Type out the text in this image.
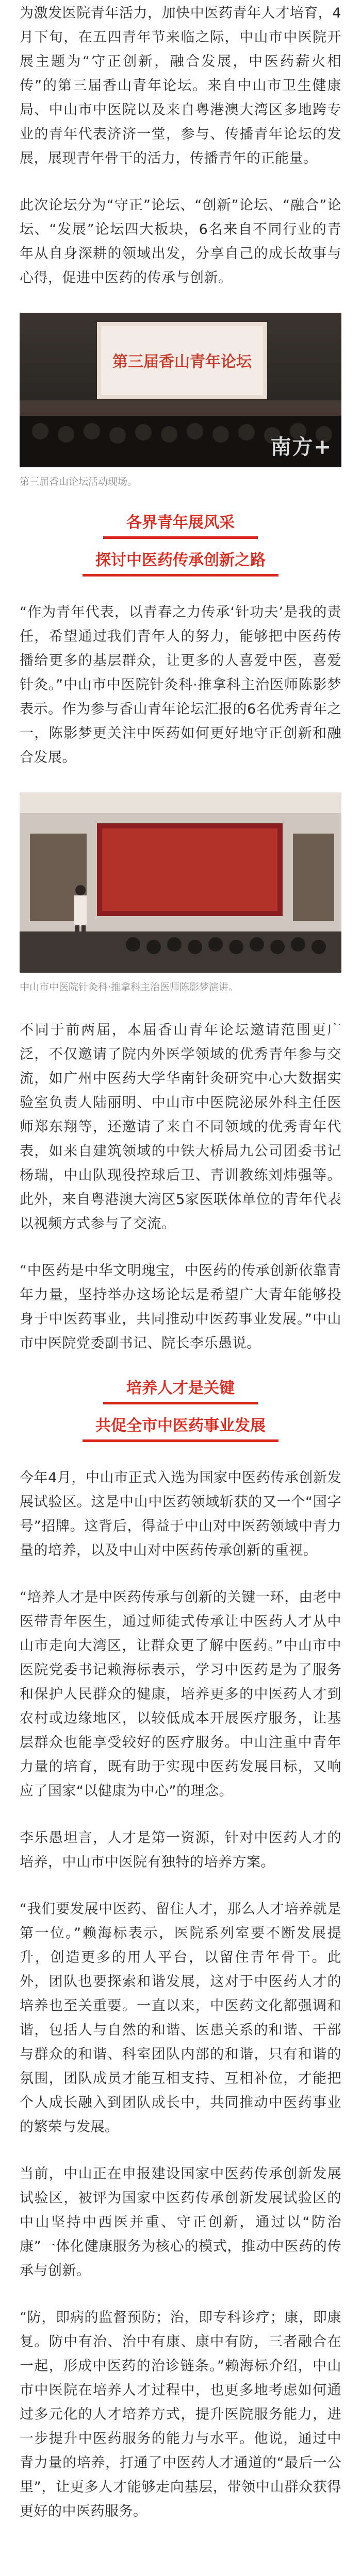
为激发医院青年活力，加快中医药青年人才培育，4月下旬，在五四青年节来临之际，中山市中医院开展主题为“守正创新，融合发展，中医药薪火相传”的第三届香山青年论坛。来自中山市卫生健康局、中山市中医院以及来自粤港澳大湾区多地跨专业的青年代表济济一堂，参与、传播青年论坛的发展，展现青年骨干的活力，传播青年的正能量。

此次论坛分为“守正”论坛、“创新”论坛、“融合”论坛、“发展”论坛四大板块，6名来自不同行业的青年从自身深耕的领域出发，分享自己的成长故事与心得，促进中医药的传承与创新。

第三届香山青年论坛
南方+
第三届香山论坛活动现场。

各界青年展风采

探讨中医药传承创新之路

“作为青年代表，以青春之力传承‘针功夫’是我的责任，希望通过我们青年人的努力，能够把中医药传播给更多的基层群众，让更多的人喜爱中医，喜爱针灸。”中山市中医院针灸科·推拿科主治医师陈影梦表示。作为参与香山青年论坛汇报的6名优秀青年之一，陈影梦更关注中医药如何更好地守正创新和融合发展。

中山市中医院针灸科·推拿科主治医师陈影梦演讲。

不同于前两届，本届香山青年论坛邀请范围更广泛，不仅邀请了院内外医学领域的优秀青年参与交流，如广州中医药大学华南针灸研究中心大数据实验室负责人陆丽明、中山市中医院泌尿外科主任医师郑东翔等，还邀请了来自不同领域的优秀青年代表，如来自建筑领域的中铁大桥局九公司团委书记杨瑞，中山队现役控球后卫、青训教练刘炜强等。此外，来自粤港澳大湾区5家医联体单位的青年代表以视频方式参与了交流。

“中医药是中华文明瑰宝，中医药的传承创新依靠青年力量，坚持举办这场论坛是希望广大青年能够投身于中医药事业，共同推动中医药事业发展。”中山市中医院党委副书记、院长李乐愚说。

培养人才是关键

共促全市中医药事业发展

今年4月，中山市正式入选为国家中医药传承创新发展试验区。这是中山中医药领域斩获的又一个“国字号”招牌。这背后，得益于中山对中医药领域中青力量的培养，以及中山对中医药传承创新的重视。

“培养人才是中医药传承与创新的关键一环，由老中医带青年医生，通过师徒式传承让中医药人才从中山市走向大湾区，让群众更了解中医药。”中山市中医院党委书记赖海标表示，学习中医药是为了服务和保护人民群众的健康，培养更多的中医药人才到农村或边缘地区，以较低成本开展医疗服务，让基层群众也能享受较好的医疗服务。中山注重中青年力量的培育，既有助于实现中医药发展目标，又响应了国家“以健康为中心”的理念。

李乐愚坦言，人才是第一资源，针对中医药人才的培养，中山市中医院有独特的培养方案。

“我们要发展中医药、留住人才，那么人才培养就是第一位。”赖海标表示，医院系列室要不断发展提升，创造更多的用人平台，以留住青年骨干。此外，团队也要探索和谐发展，这对于中医药人才的培养也至关重要。一直以来，中医药文化都强调和谐，包括人与自然的和谐、医患关系的和谐、干部与群众的和谐、科室团队内部的和谐，只有和谐的氛围，团队成员才能互相支持、互相补位，才能把个人成长融入到团队成长中，共同推动中医药事业的繁荣与发展。

当前，中山正在申报建设国家中医药传承创新发展试验区，被评为国家中医药传承创新发展试验区的中山坚持中西医并重、守正创新，通过以“防治康”一体化健康服务为核心的模式，推动中医药的传承与创新。

“防，即病的监督预防；治，即专科诊疗；康，即康复。防中有治、治中有康、康中有防，三者融合在一起，形成中医药的治诊链条。”赖海标介绍，中山市中医院在培养人才过程中，也更多地考虑如何通过多元化的人才培养方式，提升医院服务能力，进一步提升中医药服务的能力与水平。他说，通过中青力量的培养，打通了中医药人才通道的“最后一公里”，让更多人才能够走向基层，带领中山群众获得更好的中医药服务。
